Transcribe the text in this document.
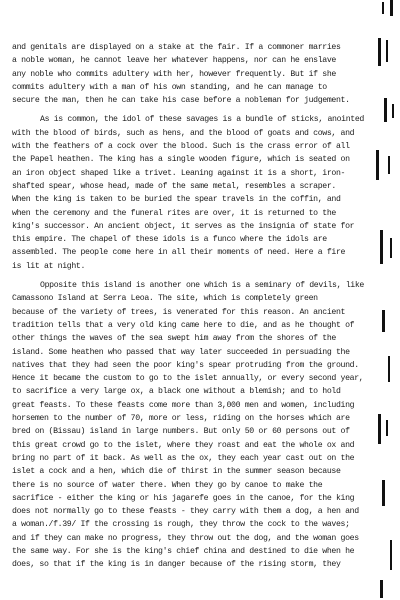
and genitals are displayed on a stake at the fair. If a commoner marries
a noble woman, he cannot leave her whatever happens, nor can he enslave
any noble who commits adultery with her, however frequently. But if she
commits adultery with a man of his own standing, and he can manage to
secure the man, then he can take his case before a nobleman for judgement.
As is common, the idol of these savages is a bundle of sticks, anointed
with the blood of birds, such as hens, and the blood of goats and cows, and
with the feathers of a cock over the blood. Such is the crass error of all
the Papel heathen. The king has a single wooden figure, which is seated on
an iron object shaped like a trivet. Leaning against it is a short, iron-
shafted spear, whose head, made of the same metal, resembles a scraper.
When the king is taken to be buried the spear travels in the coffin, and
when the ceremony and the funeral rites are over, it is returned to the
king's successor. An ancient object, it serves as the insignia of state for
this empire. The chapel of these idols is a funco where the idols are
assembled. The people come here in all their moments of need. Here a fire
is lit at night.
Opposite this island is another one which is a seminary of devils, like
Camassono Island at Serra Leoa. The site, which is completely green
because of the variety of trees, is venerated for this reason. An ancient
tradition tells that a very old king came here to die, and as he thought of
other things the waves of the sea swept him away from the shores of the
island. Some heathen who passed that way later succeeded in persuading the
natives that they had seen the poor king's spear protruding from the ground.
Hence it became the custom to go to the islet annually, or every second year,
to sacrifice a very large ox, a black one without a blemish; and to hold
great feasts. To these feasts come more than 3,000 men and women, including
horsemen to the number of 70, more or less, riding on the horses which are
bred on (Bissau) island in large numbers. But only 50 or 60 persons out of
this great crowd go to the islet, where they roast and eat the whole ox and
bring no part of it back. As well as the ox, they each year cast out on the
islet a cock and a hen, which die of thirst in the summer season because
there is no source of water there. When they go by canoe to make the
sacrifice - either the king or his jagarefe goes in the canoe, for the king
does not normally go to these feasts - they carry with them a dog, a hen and
a woman./f.39/ If the crossing is rough, they throw the cock to the waves;
and if they can make no progress, they throw out the dog, and the woman goes
the same way. For she is the king's chief china and destined to die when he
does, so that if the king is in danger because of the rising storm, they
